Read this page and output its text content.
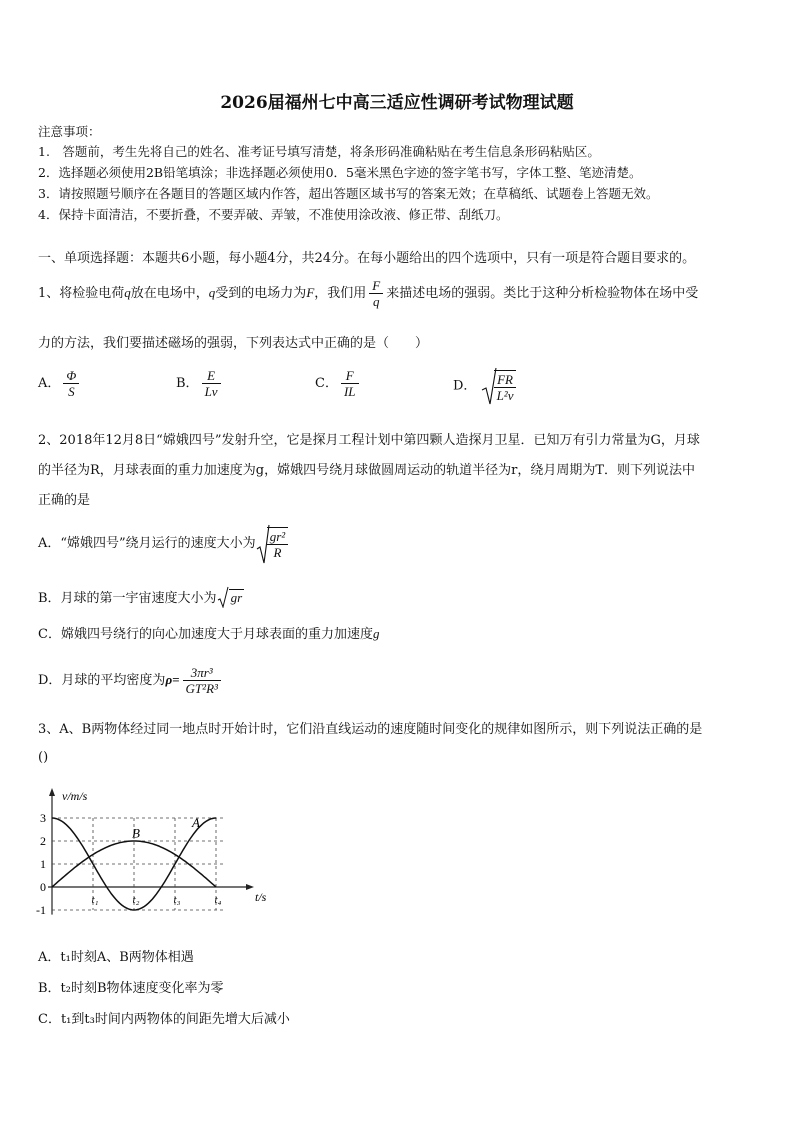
2026届福州七中高三适应性调研考试物理试题
注意事项：
1.　答题前，考生先将自己的姓名、准考证号填写清楚，将条形码准确粘贴在考生信息条形码粘贴区。
2．选择题必须使用2B铅笔填涂；非选择题必须使用0．5毫米黑色字迹的签字笔书写，字体工整、笔迹清楚。
3．请按照题号顺序在各题目的答题区域内作答，超出答题区域书写的答案无效；在草稿纸、试题卷上答题无效。
4．保持卡面清洁，不要折叠，不要弄破、弄皱，不准使用涂改液、修正带、刮纸刀。
一、单项选择题：本题共6小题，每小题4分，共24分。在每小题给出的四个选项中，只有一项是符合题目要求的。
1、将检验电荷q放在电场中，q受到的电场力为F，我们用 $\frac{F}{q}$ 来描述电场的强弱。类比于这种分析检验物体在场中受
力的方法，我们要描述磁场的强弱，下列表达式中正确的是（　　）
A． $\frac{\Phi}{S}$	B． $\frac{E}{Lv}$	C． $\frac{F}{IL}$	D． $\frac{FR}{\text{L²v}}$
2、2018年12月8日“嫦娥四号”发射升空，它是探月工程计划中第四颗人造探月卫星．已知万有引力常量为G，月球
的半径为R，月球表面的重力加速度为g，嫦娥四号绕月球做圆周运动的轨道半径为r，绕月周期为T．则下列说法中
正确的是
A．“嫦娥四号”绕月运行的速度大小为 $\frac{\text{gr²}}{R}$
B．月球的第一宇宙速度大小为 gr
C．嫦娥四号绕行的向心加速度大于月球表面的重力加速度g
D．月球的平均密度为$\rho= \frac{\text{3πr³}}{\text{GT²R³}}$
3、A、B两物体经过同一地点时开始计时，它们沿直线运动的速度随时间变化的规律如图所示，则下列说法正确的是
()
v/m/s
t/s
3
2
1
0
-1
t₁	t₂	t₃	t₄
A
B
A．t₁时刻A、B两物体相遇
B．t₂时刻B物体速度变化率为零
C．t₁到t₃时间内两物体的间距先增大后减小
